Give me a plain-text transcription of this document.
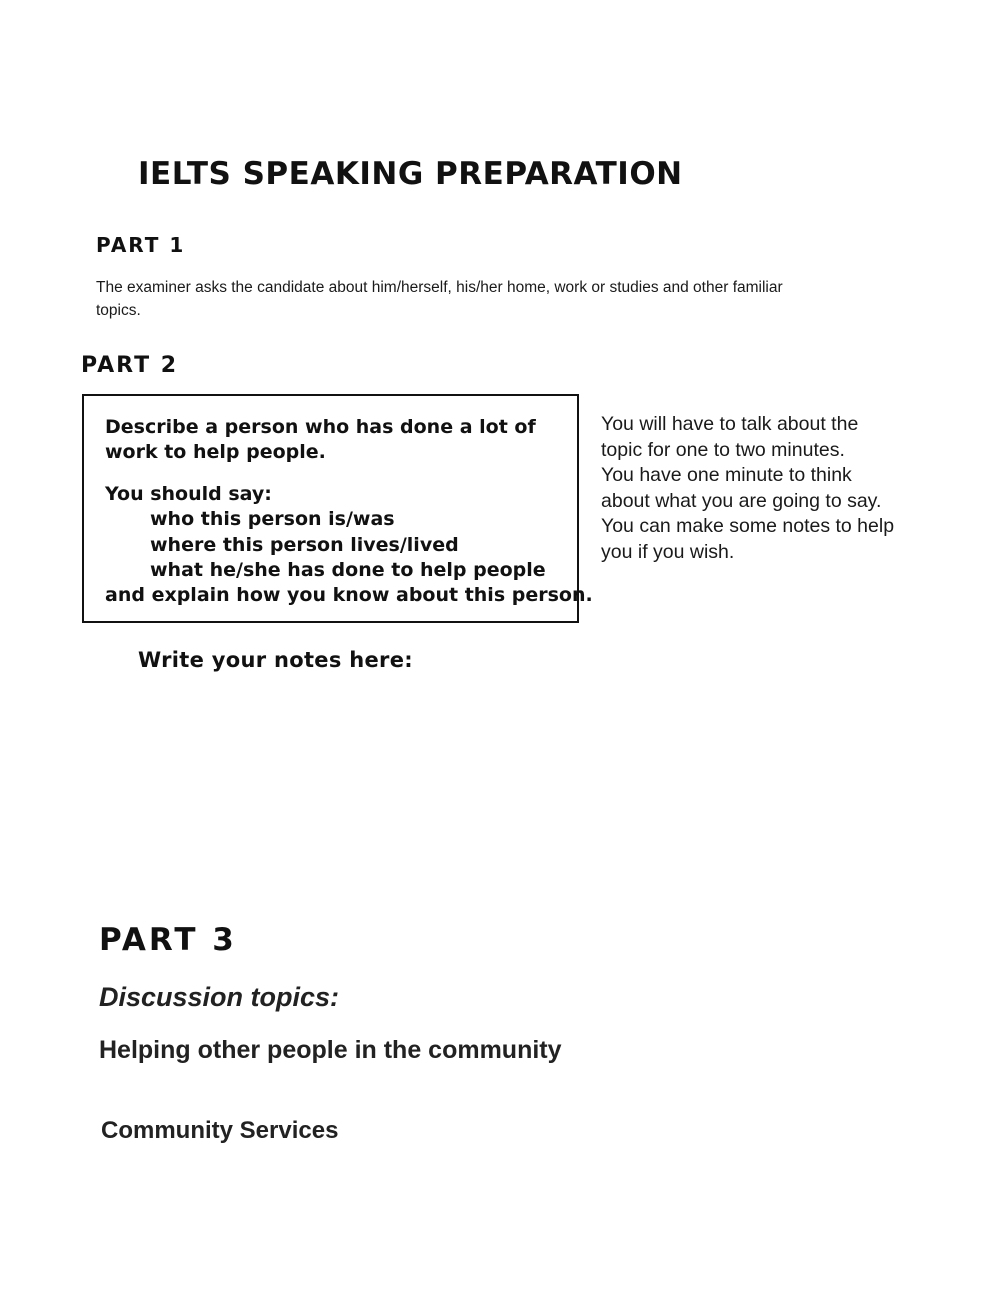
IELTS SPEAKING PREPARATION
PART 1

The examiner asks the candidate about him/herself, his/her home, work or studies and other familiar topics.

PART 2

Describe a person who has done a lot of work to help people.

You should say:

who this person is/was

where this person lives/lived

what he/she has done to help people

and explain how you know about this person.

You will have to talk about the topic for one to two minutes.

You have one minute to think about what you are going to say.

You can make some notes to help you if you wish.

Write your notes here:

PART 3

Discussion topics:

Helping other people in the community

Community Services
